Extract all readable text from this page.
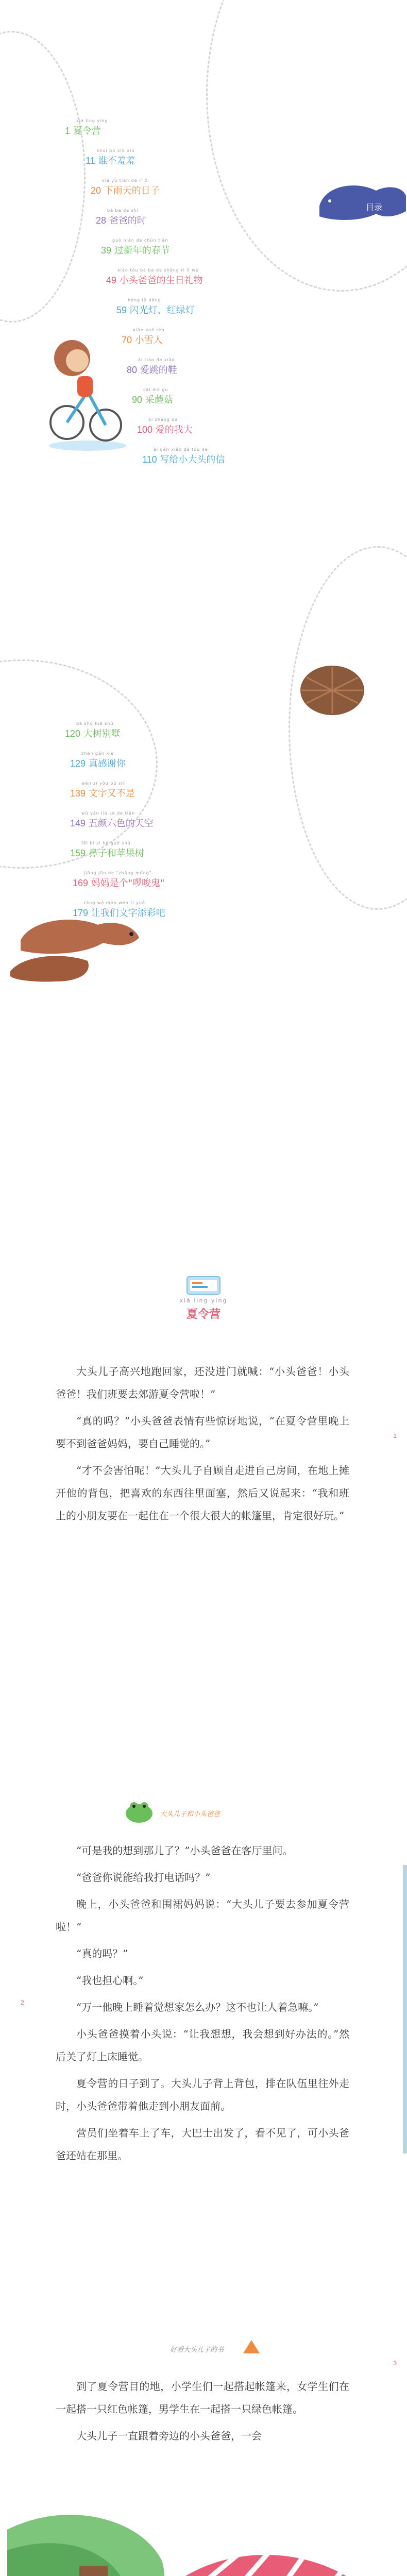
目录
xià lìng yíng
1 夏令营
shuí bù xiū xiū
11 谁不羞羞
xià yǔ tiān de rì zi
20 下雨天的日子
bà ba de shí
28 爸爸的时
guò nián de chūn tiān
39 过新年的春节
xiǎo tóu bà ba de shēng rì lǐ wù
49 小头爸爸的生日礼物
hóng lǜ dēng
59 闪光灯、红绿灯
xiǎo xuě rén
70 小雪人
ài tiào de xiǎo
80 爱跳的鞋
cǎi mó gu
90 采蘑菇
ài zhǎng dà
100 爱的我大
ài gǎn xiǎo dà tóu de
110 写给小大头的信
dà shù bié shù
120 大树别墅
zhēn gǎn xiè
129 真感谢你
wén zì yòu bù shì
139 文字又不是
wǔ yán liù sè de tiān
149 五颜六色的天空
fēi bí zi hé guǒ shù
159 鼻子和苹果树
jiāng jūn de "zhǎng mèng"
169 妈妈是个"啰唆鬼"
ràng wǒ men wén tí yuè
179 让我们文字添彩吧
xià lìng yíng
夏令营

大头儿子高兴地跑回家，还没进门就喊：“小头爸爸！小头爸爸！我们班要去郊游夏令营啦！”

“真的吗？”小头爸爸表情有些惊讶地说，“在夏令营里晚上要不到爸爸妈妈，要自己睡觉的。”

“才不会害怕呢！”大头儿子自顾自走进自己房间，在地上摊开他的背包，把喜欢的东西往里面塞，然后又说起来：“我和班上的小朋友要在一起住在一个很大很大的帐篷里，肯定很好玩。”

1
大头儿子和小头爸爸

“可是我的想到那儿了？”小头爸爸在客厅里问。

“爸爸你说能给我打电话吗？”

晚上，小头爸爸和围裙妈妈说：“大头儿子要去参加夏令营啦！”

“真的吗？”

“我也担心啊。”

“万一他晚上睡着觉想家怎么办？这不也让人着急嘛。”

小头爸爸摸着小头说：“让我想想，我会想到好办法的。”然后关了灯上床睡觉。

夏令营的日子到了。大头儿子背上背包，排在队伍里往外走时，小头爸爸带着他走到小朋友面前。

营员们坐着车上了车，大巴士出发了，看不见了，可小头爸爸还站在那里。

2
好看大头儿子的书

到了夏令营目的地，小学生们一起搭起帐篷来，女学生们在一起搭一只红色帐篷，男学生在一起搭一只绿色帐篷。

大头儿子一直跟着旁边的小头爸爸，一会

3
